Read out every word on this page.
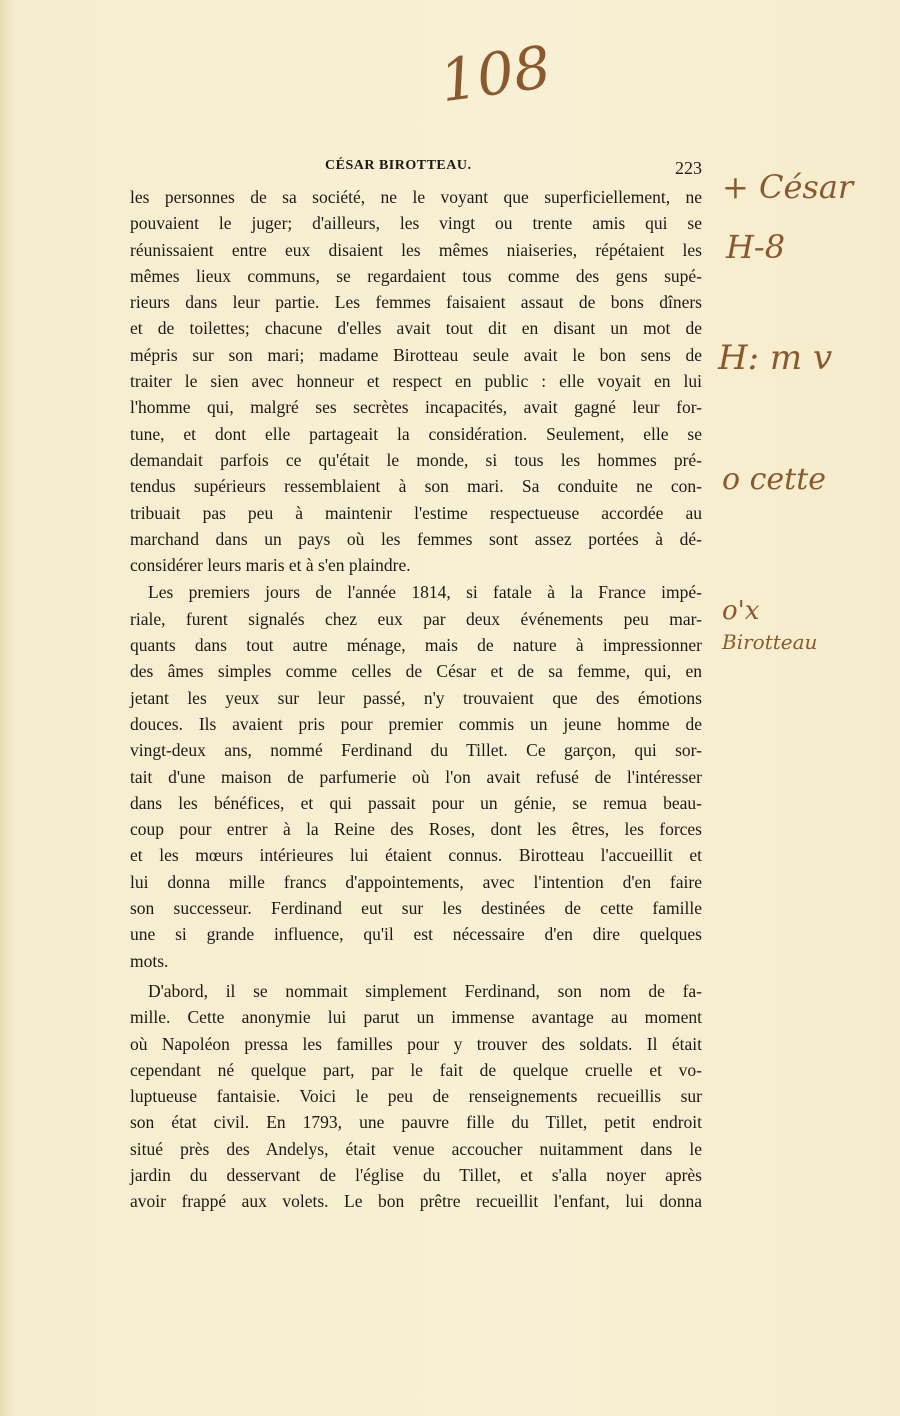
108
CÉSAR BIROTTEAU.	223
les personnes de sa société, ne le voyant que superficiellement, ne
pouvaient le juger; d'ailleurs, les vingt ou trente amis qui se
réunissaient entre eux disaient les mêmes niaiseries, répétaient les
mêmes lieux communs, se regardaient tous comme des gens supé-
rieurs dans leur partie. Les femmes faisaient assaut de bons dîners
et de toilettes; chacune d'elles avait tout dit en disant un mot de
mépris sur son mari; madame Birotteau seule avait le bon sens de
traiter le sien avec honneur et respect en public : elle voyait en lui
l'homme qui, malgré ses secrètes incapacités, avait gagné leur for-
tune, et dont elle partageait la considération. Seulement, elle se
demandait parfois ce qu'était le monde, si tous les hommes pré-
tendus supérieurs ressemblaient à son mari. Sa conduite ne con-
tribuait pas peu à maintenir l'estime respectueuse accordée au
marchand dans un pays où les femmes sont assez portées à dé-
considérer leurs maris et à s'en plaindre.
Les premiers jours de l'année 1814, si fatale à la France impé-
riale, furent signalés chez eux par deux événements peu mar-
quants dans tout autre ménage, mais de nature à impressionner
des âmes simples comme celles de César et de sa femme, qui, en
jetant les yeux sur leur passé, n'y trouvaient que des émotions
douces. Ils avaient pris pour premier commis un jeune homme de
vingt-deux ans, nommé Ferdinand du Tillet. Ce garçon, qui sor-
tait d'une maison de parfumerie où l'on avait refusé de l'intéresser
dans les bénéfices, et qui passait pour un génie, se remua beau-
coup pour entrer à la Reine des Roses, dont les êtres, les forces
et les mœurs intérieures lui étaient connus. Birotteau l'accueillit et
lui donna mille francs d'appointements, avec l'intention d'en faire
son successeur. Ferdinand eut sur les destinées de cette famille
une si grande influence, qu'il est nécessaire d'en dire quelques
mots.
D'abord, il se nommait simplement Ferdinand, son nom de fa-
mille. Cette anonymie lui parut un immense avantage au moment
où Napoléon pressa les familles pour y trouver des soldats. Il était
cependant né quelque part, par le fait de quelque cruelle et vo-
luptueuse fantaisie. Voici le peu de renseignements recueillis sur
son état civil. En 1793, une pauvre fille du Tillet, petit endroit
situé près des Andelys, était venue accoucher nuitamment dans le
jardin du desservant de l'église du Tillet, et s'alla noyer après
avoir frappé aux volets. Le bon prêtre recueillit l'enfant, lui donna
+ César
H-8
H: m v
o cette
o'x
Birotteau
